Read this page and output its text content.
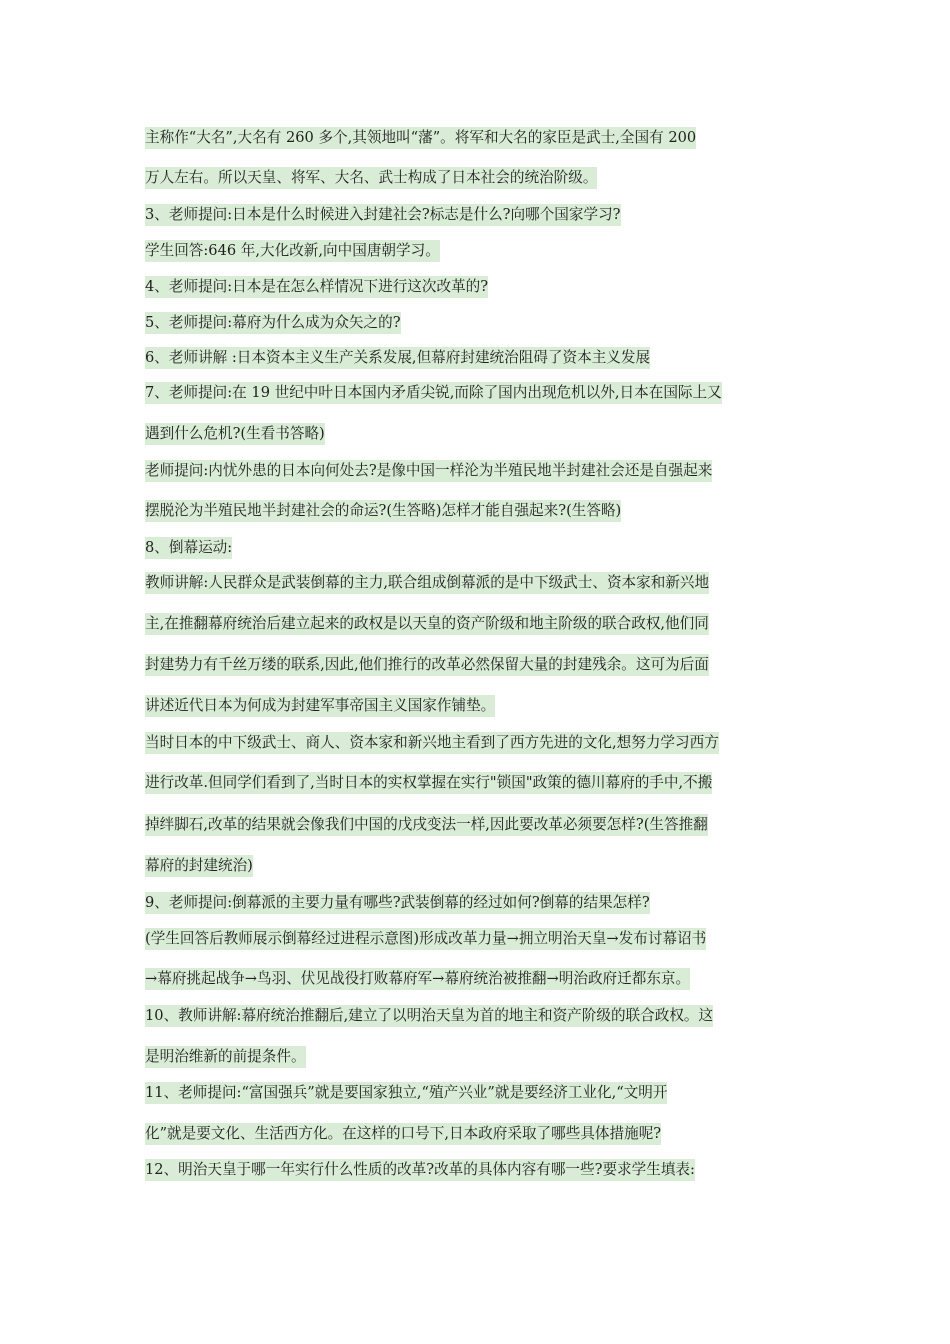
主称作“大名”,大名有 260 多个,其领地叫“藩”。将军和大名的家臣是武士,全国有 200
万人左右。所以天皇、将军、大名、武士构成了日本社会的统治阶级。
3、老师提问:日本是什么时候进入封建社会?标志是什么?向哪个国家学习?
学生回答:646 年,大化改新,向中国唐朝学习。
4、老师提问:日本是在怎么样情况下进行这次改革的?
5、老师提问:幕府为什么成为众矢之的?
6、老师讲解 :日本资本主义生产关系发展,但幕府封建统治阻碍了资本主义发展
7、老师提问:在 19 世纪中叶日本国内矛盾尖锐,而除了国内出现危机以外,日本在国际上又
遇到什么危机?(生看书答略)
老师提问:内忧外患的日本向何处去?是像中国一样沦为半殖民地半封建社会还是自强起来
摆脱沦为半殖民地半封建社会的命运?(生答略)怎样才能自强起来?(生答略)
8、倒幕运动:
教师讲解:人民群众是武装倒幕的主力,联合组成倒幕派的是中下级武士、资本家和新兴地
主,在推翻幕府统治后建立起来的政权是以天皇的资产阶级和地主阶级的联合政权,他们同
封建势力有千丝万缕的联系,因此,他们推行的改革必然保留大量的封建残余。这可为后面
讲述近代日本为何成为封建军事帝国主义国家作铺垫。
当时日本的中下级武士、商人、资本家和新兴地主看到了西方先进的文化,想努力学习西方
进行改革.但同学们看到了,当时日本的实权掌握在实行"锁国"政策的德川幕府的手中,不搬
掉绊脚石,改革的结果就会像我们中国的戊戌变法一样,因此要改革必须要怎样?(生答推翻
幕府的封建统治)
9、老师提问:倒幕派的主要力量有哪些?武装倒幕的经过如何?倒幕的结果怎样?
(学生回答后教师展示倒幕经过进程示意图)形成改革力量→拥立明治天皇→发布讨幕诏书
→幕府挑起战争→鸟羽、伏见战役打败幕府军→幕府统治被推翻→明治政府迁都东京。
10、教师讲解:幕府统治推翻后,建立了以明治天皇为首的地主和资产阶级的联合政权。这
是明治维新的前提条件。
11、老师提问:“富国强兵”就是要国家独立,“殖产兴业”就是要经济工业化,“文明开
化”就是要文化、生活西方化。在这样的口号下,日本政府采取了哪些具体措施呢?
12、明治天皇于哪一年实行什么性质的改革?改革的具体内容有哪一些?要求学生填表:
